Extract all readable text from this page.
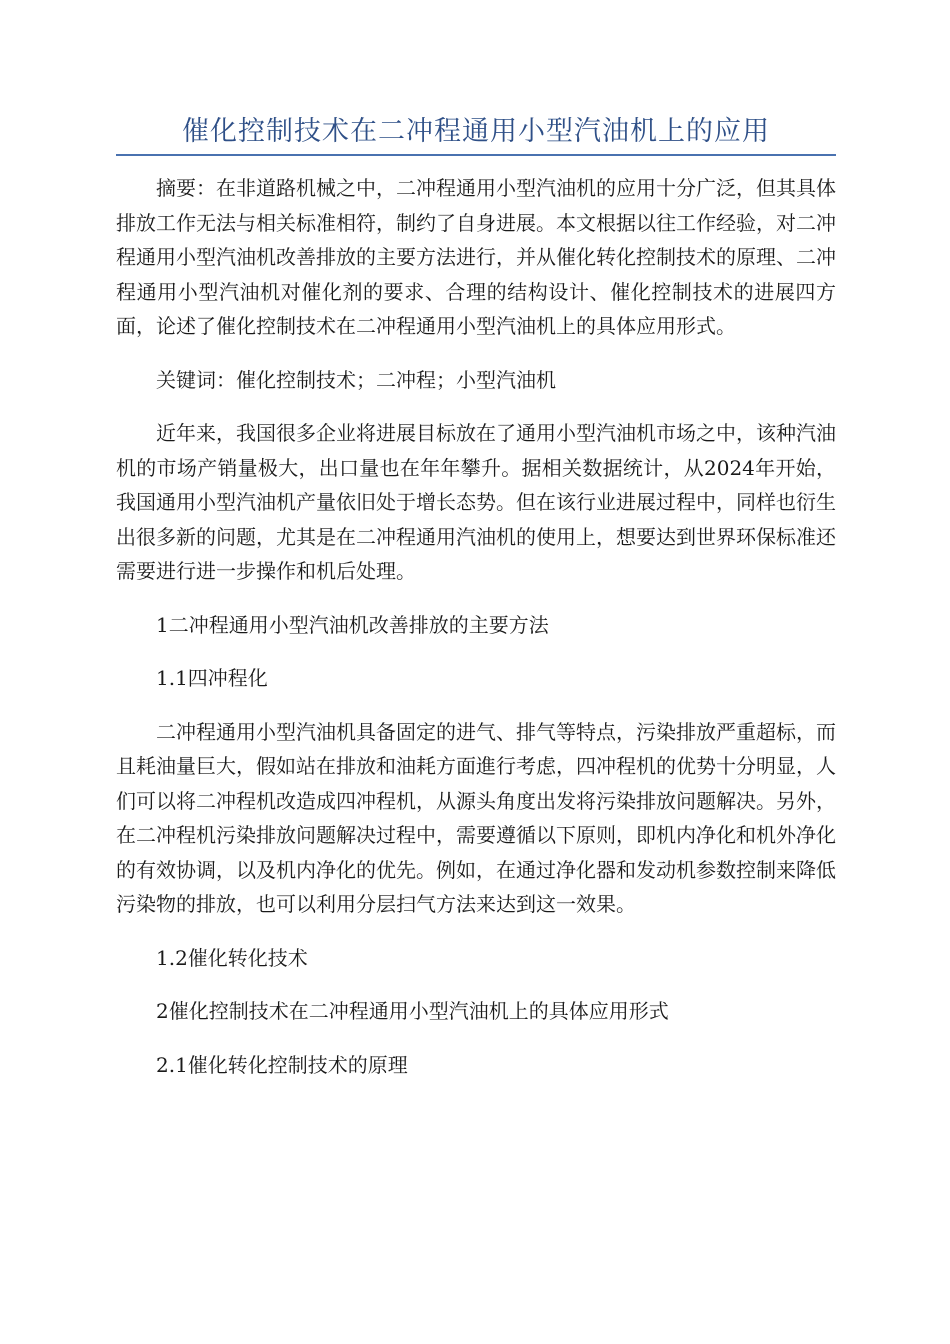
催化控制技术在二冲程通用小型汽油机上的应用

摘要：在非道路机械之中，二冲程通用小型汽油机的应用十分广泛，但其具体排放工作无法与相关标准相符，制约了自身进展。本文根据以往工作经验，对二冲程通用小型汽油机改善排放的主要方法进行，并从催化转化控制技术的原理、二冲程通用小型汽油机对催化剂的要求、合理的结构设计、催化控制技术的进展四方面，论述了催化控制技术在二冲程通用小型汽油机上的具体应用形式。

关键词：催化控制技术；二冲程；小型汽油机

近年来，我国很多企业将进展目标放在了通用小型汽油机市场之中，该种汽油机的市场产销量极大，出口量也在年年攀升。据相关数据统计，从2024年开始，我国通用小型汽油机产量依旧处于增长态势。但在该行业进展过程中，同样也衍生出很多新的问题，尤其是在二冲程通用汽油机的使用上，想要达到世界环保标准还需要进行进一步操作和机后处理。

1二冲程通用小型汽油机改善排放的主要方法

1.1四冲程化

二冲程通用小型汽油机具备固定的进气、排气等特点，污染排放严重超标，而且耗油量巨大，假如站在排放和油耗方面進行考虑，四冲程机的优势十分明显，人们可以将二冲程机改造成四冲程机，从源头角度出发将污染排放问题解决。另外，在二冲程机污染排放问题解决过程中，需要遵循以下原则，即机内净化和机外净化的有效协调，以及机内净化的优先。例如，在通过净化器和发动机参数控制来降低污染物的排放，也可以利用分层扫气方法来达到这一效果。

1.2催化转化技术

2催化控制技术在二冲程通用小型汽油机上的具体应用形式

2.1催化转化控制技术的原理
